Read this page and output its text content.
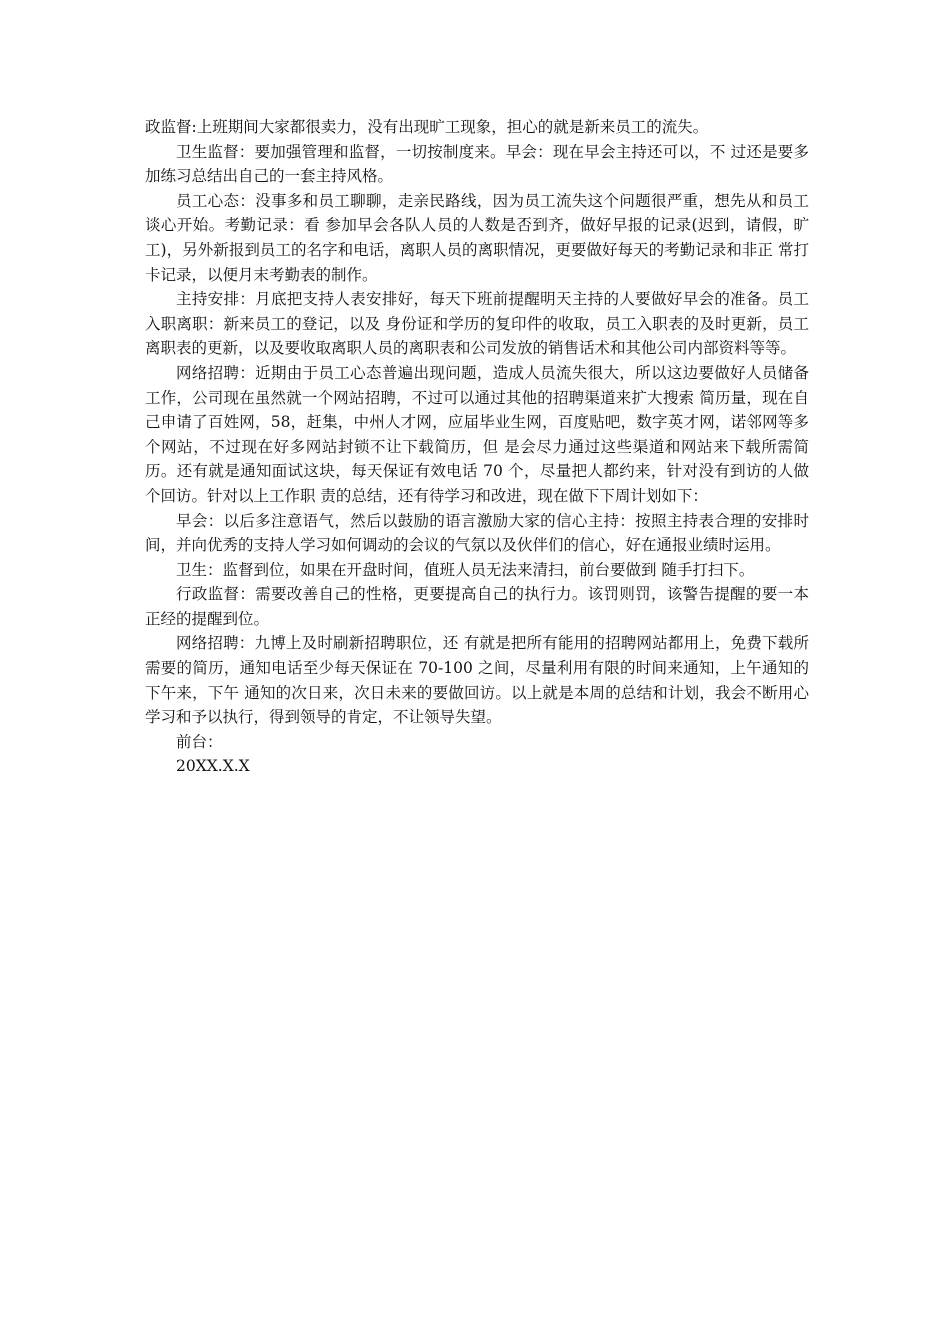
政监督:上班期间大家都很卖力，没有出现旷工现象，担心的就是新来员工的流失。

卫生监督：要加强管理和监督，一切按制度来。早会：现在早会主持还可以，不 过还是要多加练习总结出自己的一套主持风格。

员工心态：没事多和员工聊聊，走亲民路线，因为员工流失这个问题很严重，想先从和员工谈心开始。考勤记录：看 参加早会各队人员的人数是否到齐，做好早报的记录(迟到，请假，旷工)，另外新报到员工的名字和电话，离职人员的离职情况，更要做好每天的考勤记录和非正 常打卡记录，以便月末考勤表的制作。

主持安排：月底把支持人表安排好，每天下班前提醒明天主持的人要做好早会的准备。员工入职离职：新来员工的登记，以及 身份证和学历的复印件的收取，员工入职表的及时更新，员工离职表的更新，以及要收取离职人员的离职表和公司发放的销售话术和其他公司内部资料等等。

网络招聘：近期由于员工心态普遍出现问题，造成人员流失很大，所以这边要做好人员储备工作，公司现在虽然就一个网站招聘，不过可以通过其他的招聘渠道来扩大搜索 简历量，现在自己申请了百姓网，58，赶集，中州人才网，应届毕业生网，百度贴吧，数字英才网，诺邻网等多个网站，不过现在好多网站封锁不让下载简历，但 是会尽力通过这些渠道和网站来下载所需简历。还有就是通知面试这块，每天保证有效电话 70 个，尽量把人都约来，针对没有到访的人做个回访。针对以上工作职 责的总结，还有待学习和改进，现在做下下周计划如下：

早会：以后多注意语气，然后以鼓励的语言激励大家的信心主持：按照主持表合理的安排时 间，并向优秀的支持人学习如何调动的会议的气氛以及伙伴们的信心，好在通报业绩时运用。

卫生：监督到位，如果在开盘时间，值班人员无法来清扫，前台要做到 随手打扫下。

行政监督：需要改善自己的性格，更要提高自己的执行力。该罚则罚，该警告提醒的要一本正经的提醒到位。

网络招聘：九博上及时刷新招聘职位，还 有就是把所有能用的招聘网站都用上，免费下载所需要的简历，通知电话至少每天保证在 70-100 之间，尽量利用有限的时间来通知，上午通知的下午来，下午 通知的次日来，次日未来的要做回访。以上就是本周的总结和计划，我会不断用心学习和予以执行，得到领导的肯定，不让领导失望。

前台：

20XX.X.X
